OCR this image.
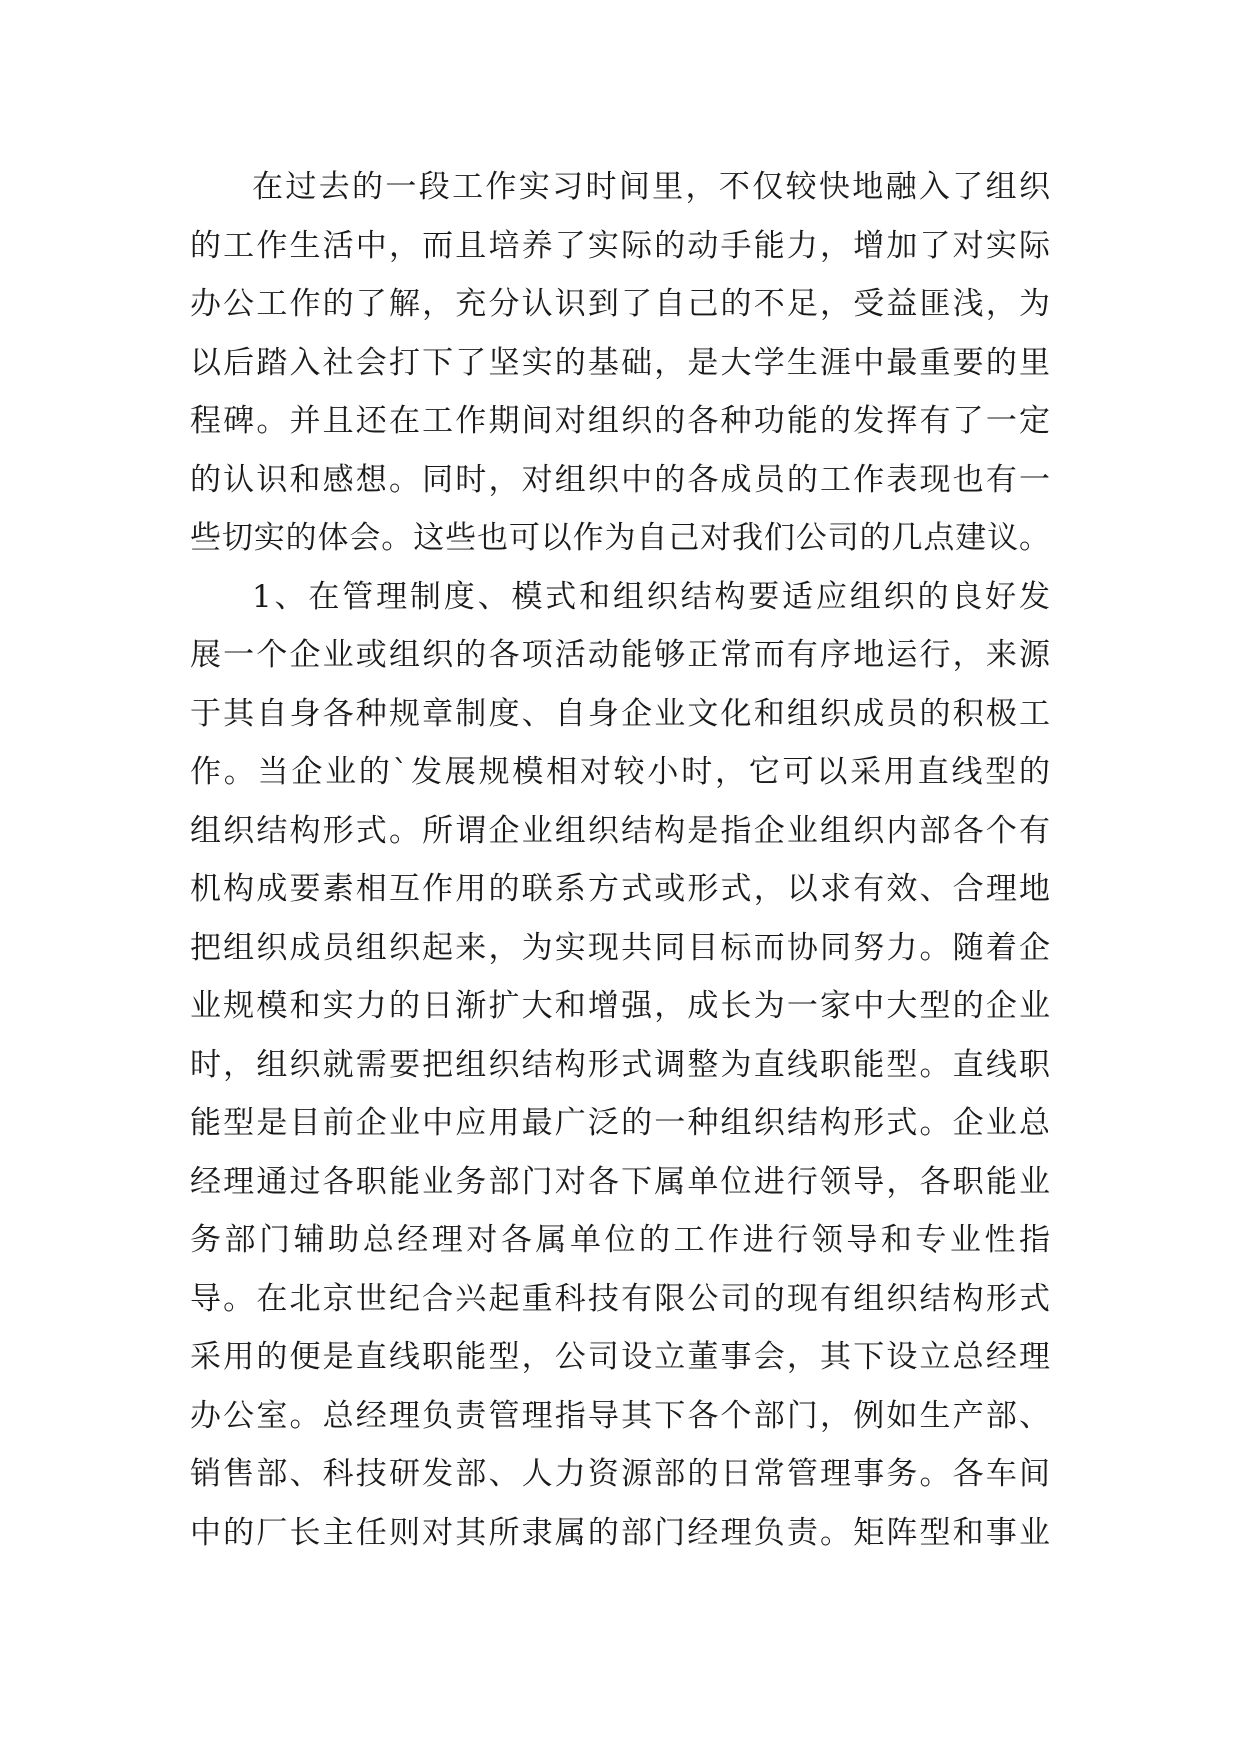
在过去的一段工作实习时间里，不仅较快地融入了组织
的工作生活中，而且培养了实际的动手能力，增加了对实际
办公工作的了解，充分认识到了自己的不足，受益匪浅，为
以后踏入社会打下了坚实的基础，是大学生涯中最重要的里
程碑。并且还在工作期间对组织的各种功能的发挥有了一定
的认识和感想。同时，对组织中的各成员的工作表现也有一
些切实的体会。这些也可以作为自己对我们公司的几点建议。
1、在管理制度、模式和组织结构要适应组织的良好发
展一个企业或组织的各项活动能够正常而有序地运行，来源
于其自身各种规章制度、自身企业文化和组织成员的积极工
作。当企业的`发展规模相对较小时，它可以采用直线型的
组织结构形式。所谓企业组织结构是指企业组织内部各个有
机构成要素相互作用的联系方式或形式，以求有效、合理地
把组织成员组织起来，为实现共同目标而协同努力。随着企
业规模和实力的日渐扩大和增强，成长为一家中大型的企业
时，组织就需要把组织结构形式调整为直线职能型。直线职
能型是目前企业中应用最广泛的一种组织结构形式。企业总
经理通过各职能业务部门对各下属单位进行领导，各职能业
务部门辅助总经理对各属单位的工作进行领导和专业性指
导。在北京世纪合兴起重科技有限公司的现有组织结构形式
采用的便是直线职能型，公司设立董事会，其下设立总经理
办公室。总经理负责管理指导其下各个部门，例如生产部、
销售部、科技研发部、人力资源部的日常管理事务。各车间
中的厂长主任则对其所隶属的部门经理负责。矩阵型和事业
